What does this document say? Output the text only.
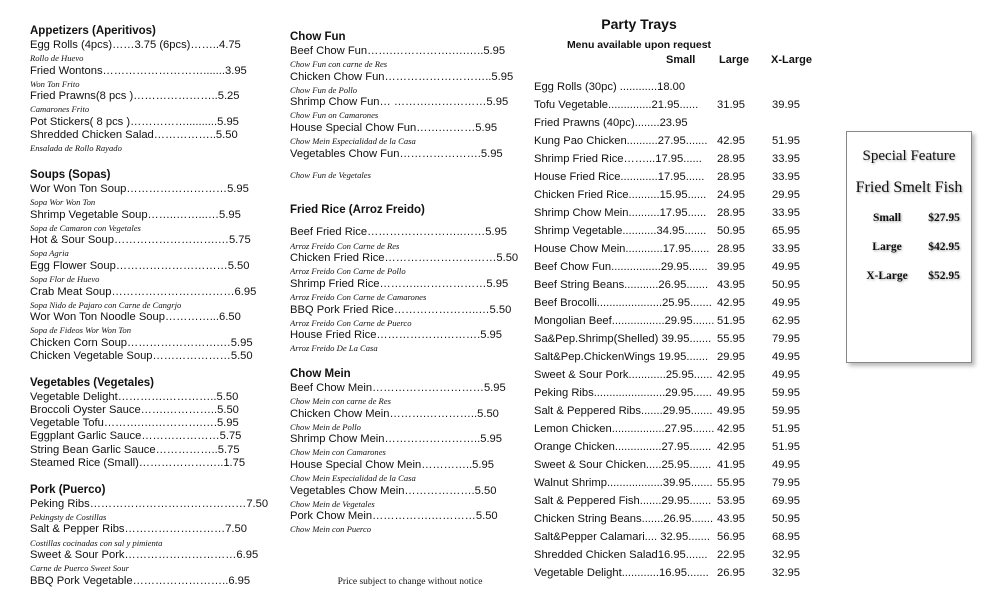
Appetizers (Aperitivos)
Egg Rolls (4pcs)……3.75 (6pcs)……..4.75
Rollo de Huevo
Fried Wontons……………………….......3.95
Won Ton Frito
Fried Prawns(8 pcs )…………………..5.25
Camarones Frito
Pot Stickers( 8 pcs )……………..........5.95
Shredded Chicken Salad……………..5.50
Ensalada de Rollo Rayado
Soups (Sopas)
Wor Won Ton Soup………………………5.95
Sopa Wor Won Ton
Shrimp Vegetable Soup……..……...…5.95
Sopa de Camaron con Vegetales
Hot & Sour Soup……………………….…5.75
Sopa Agria
Egg Flower Soup…………………………5.50
Sopa Flor de Huevo
Crab Meat Soup……………………………6.95
Sopa Nido de Pajaro con Carne de Cangrjo
Wor Won Ton Noodle Soup…………...6.50
Sopa de Fideos Wor Won Ton
Chicken Corn Soup…………………….…5.95
Chicken Vegetable Soup…………………5.50
Vegetables (Vegetales)
Vegetable Delight………….…………..5.50
Broccoli Oyster Sauce…….…………..5.50
Vegetable Tofu……….….………….….5.95
Eggplant Garlic Sauce…………………5.75
String Bean Garlic Sauce……………..5.75
Steamed Rice (Small)…………………..1.75
Pork (Puerco)
Peking Ribs……………………………………7.50
Pekingsty de Costillas
Salt & Pepper Ribs………………………7.50
Costillas cocinadas con sal y pimienta
Sweet & Sour Pork…………………………6.95
Carne de Puerco Sweet Sour
BBQ Pork Vegetable……………………..6.95
Chow Fun
Beef Chow Fun…….…………….….…..5.95
Chow Fun con carne de Res
Chicken Chow Fun………………………..5.95
Chow Fun de Pollo
Shrimp Chow Fun… ……….……………5.95
Chow Fun on Camarones
House Special Chow Fun…….………5.95
Chow Mein Especialidad de la Casa
Vegetables Chow Fun………………….5.95
Chow Fun de Vegetales
Fried Rice (Arroz Freido)
Beef Fried Rice……………………..……5.95
Arroz Freido Con Carne de Res
Chicken Fried Rice…………………………5.50
Arroz Freido Con Carne de Pollo
Shrimp Fried Rice………..………………5.95
Arroz Freido Con Carne de Camarones
BBQ Pork Fried Rice…………………..…5.50
Arroz Freido Con Carne de Puerco
House Fried Rice……………………….5.95
Arroz Freido De La Casa
Chow Mein
Beef Chow Mein…………………………5.95
Chow Mein con carne de Res
Chicken Chow Mein……….…………..5.50
Chow Mein de Pollo
Shrimp Chow Mein……………………..5.95
Chow Mein con Camarones
House Special Chow Mein…………..5.95
Chow Mein Especialidad de la Casa
Vegetables Chow Mein……………….5.50
Chow Mein de Vegetales
Pork Chow Mein…………….…………5.50
Chow Mein con Puerco
Party Trays
Menu available upon request
Small Large X-Large
Egg Rolls (30pc) ............18.00
Tofu Vegetable..............21.95......	31.95	39.95
Fried Prawns (40pc)........23.95
Kung Pao Chicken..........27.95....... 42.95	51.95
Shrimp Fried Rice……...17.95......	28.95	33.95
House Fried Rice............17.95......	28.95	33.95
Chicken Fried Rice..........15.95...... 24.95	29.95
Shrimp Chow Mein..........17.95...... 28.95	33.95
Shrimp Vegetable...........34.95....... 50.95	65.95
House Chow Mein............17.95...... 28.95	33.95
Beef Chow Fun................29.95...... 39.95	49.95
Beef String Beans...........26.95....... 43.95	50.95
Beef Brocolli.....................25.95....... 42.95	49.95
Mongolian Beef.................29.95....... 51.95	62.95
Sa&Pep.Shrimp(Shelled) 39.95....... 55.95	79.95
Salt&Pep.ChickenWings 19.95....... 29.95	49.95
Sweet & Sour Pork............25.95...... 42.95	49.95
Peking Ribs.......................29.95...... 49.95	59.95
Salt & Peppered Ribs.......29.95....... 49.95	59.95
Lemon Chicken.................27.95....... 42.95	51.95
Orange Chicken...............27.95....... 42.95	51.95
Sweet & Sour Chicken.....25.95....... 41.95	49.95
Walnut Shrimp..................39.95....... 55.95	79.95
Salt & Peppered Fish.......29.95....... 53.95	69.95
Chicken String Beans.......26.95....... 43.95	50.95
Salt&Pepper Calamari.... 32.95....... 56.95	68.95
Shredded Chicken Salad16.95....... 22.95	32.95
Vegetable Delight............16.95....... 26.95	32.95
Special Feature
Fried Smelt Fish
Small	$27.95
Large	$42.95
X-Large	$52.95
Price subject to change without notice
